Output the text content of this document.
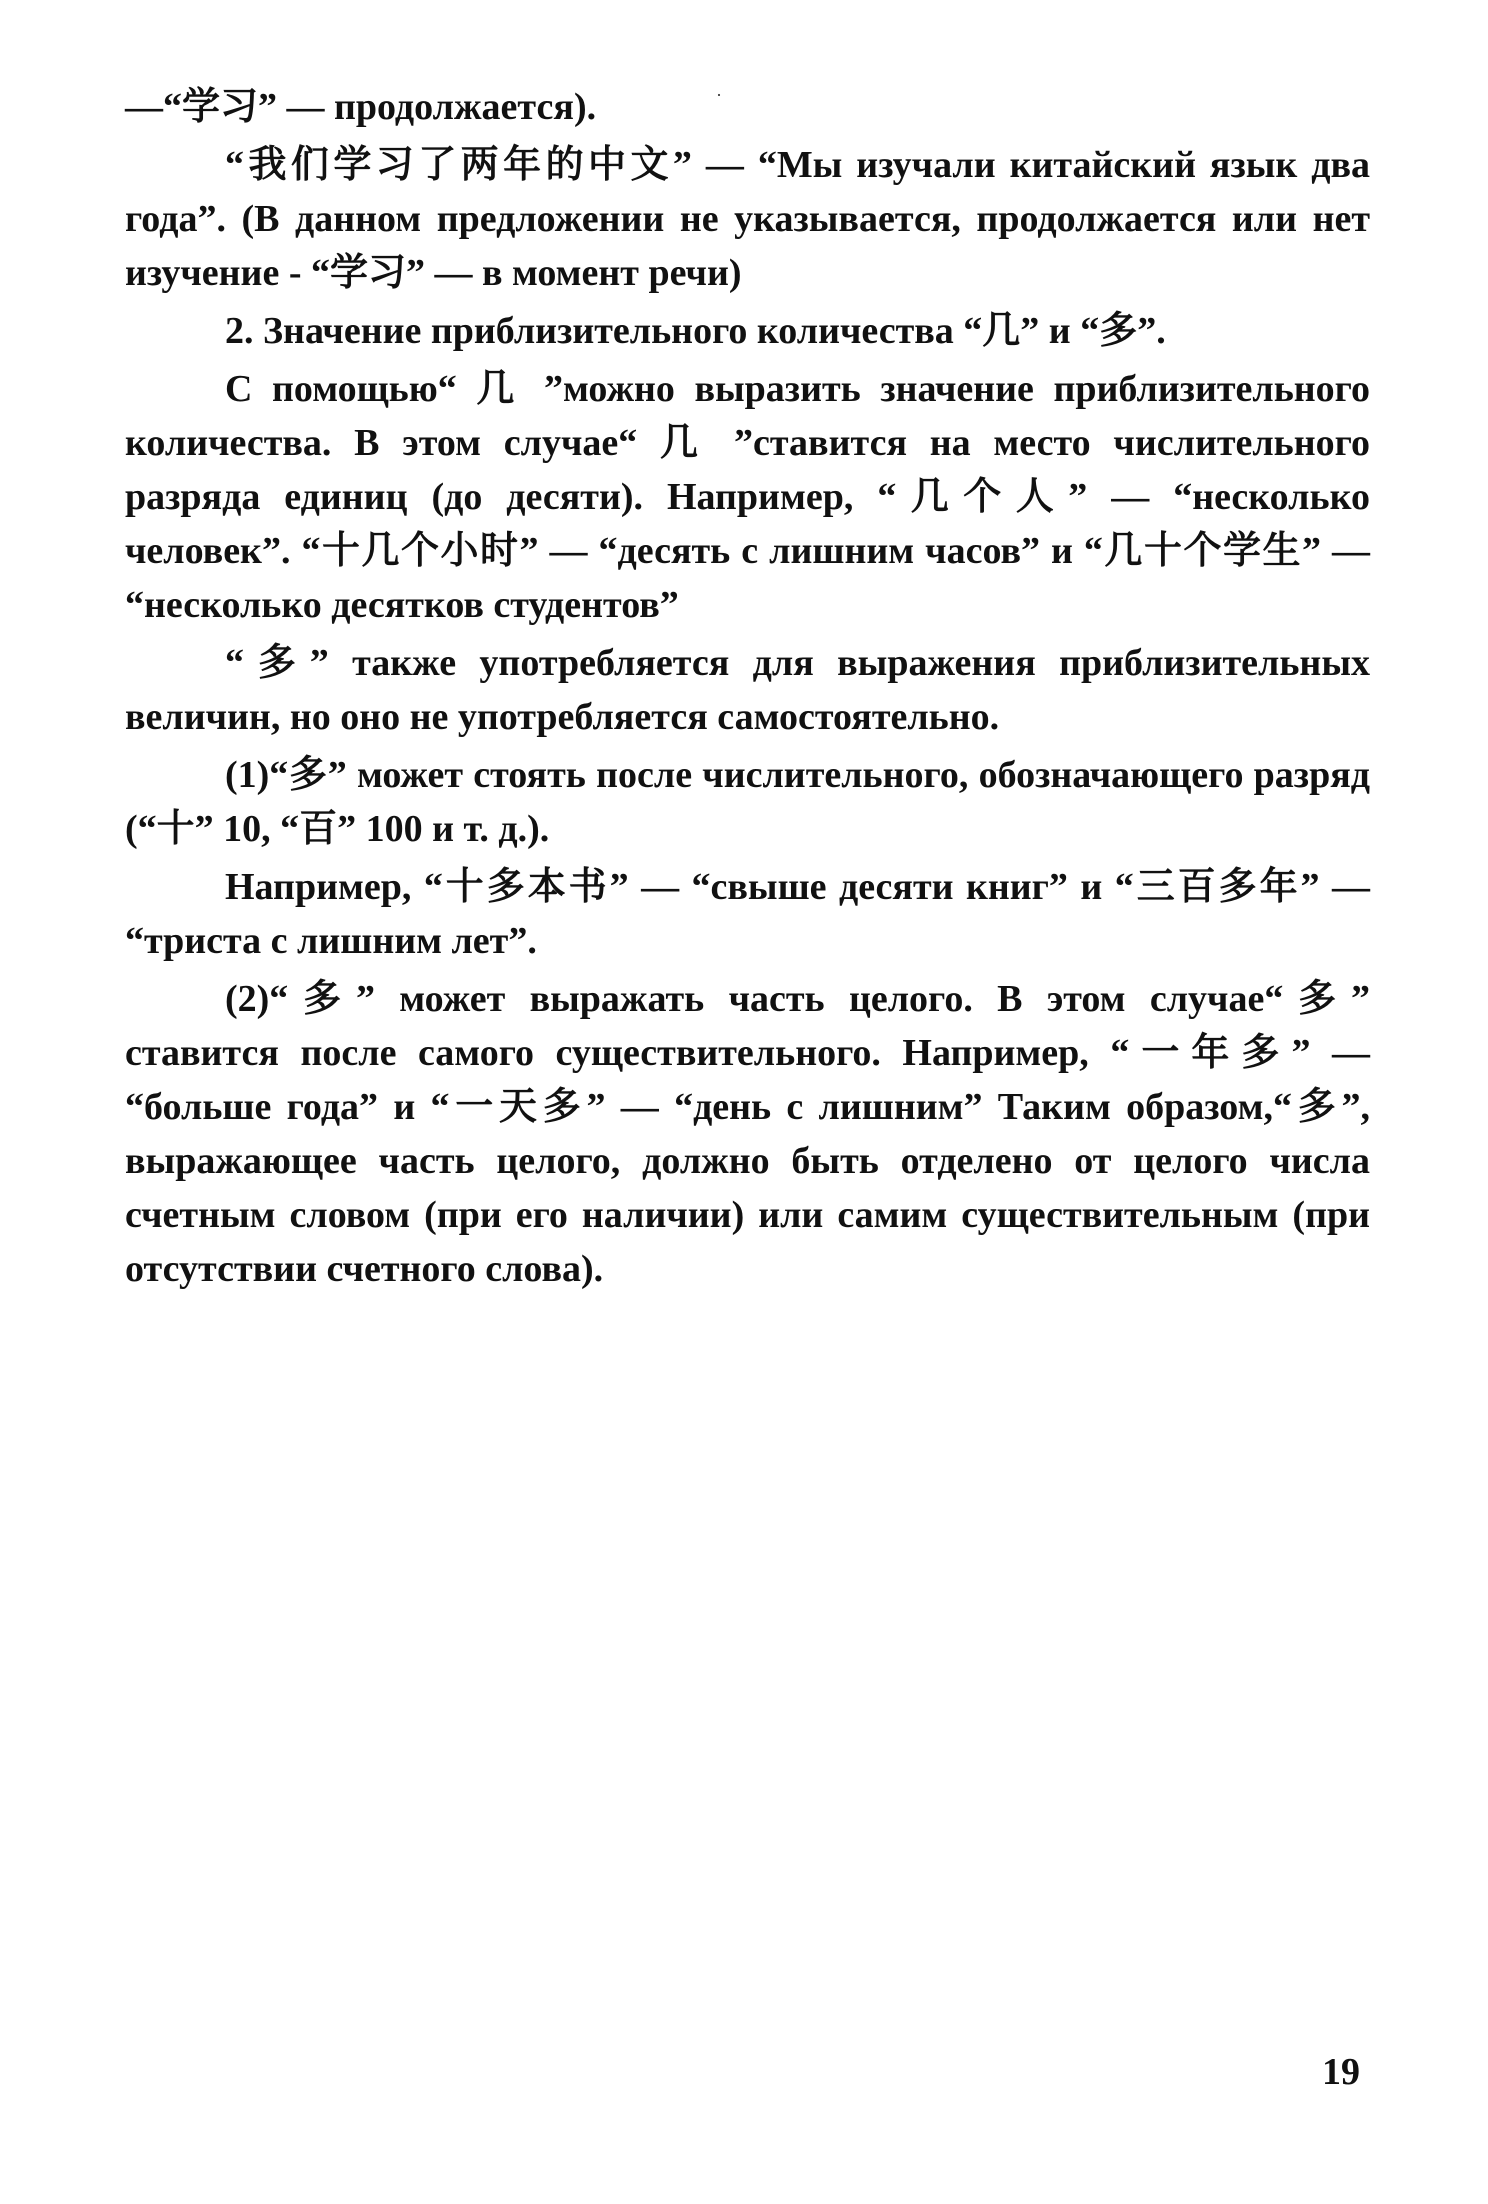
·

—“学习” — продолжается).

“我们学习了两年的中文” — “Мы изучали китайский язык два года”. (В данном предложении не указывается, продолжается или нет изучение - “学习” — в момент речи)

2. Значение приблизительного количества “几” и “多”.

С помощью“ 几 ”можно выразить значение приблизительного количества. В этом случае“ 几 ”ставится на место числительного разряда единиц (до десяти). Например, “几个人” — “несколько человек”. “十几个小时” — “десять с лишним часов” и “几十个学生” — “несколько десятков студентов”

“多” также употребляется для выражения приблизительных величин, но оно не употребляется самостоятельно.

(1)“多” может стоять после числительного, обозначающего разряд (“十” 10, “百” 100 и т. д.).

Например, “十多本书” — “свыше десяти книг” и “三百多年” — “триста с лишним лет”.

(2)“多” может выражать часть целого. В этом случае“多” ставится после самого существительного. Например, “一年多” — “больше года” и “一天多” — “день с лишним” Таким образом,“多”, выражающее часть целого, должно быть отделено от целого числа счетным словом (при его наличии) или самим существительным (при отсутствии счетного слова).

19
